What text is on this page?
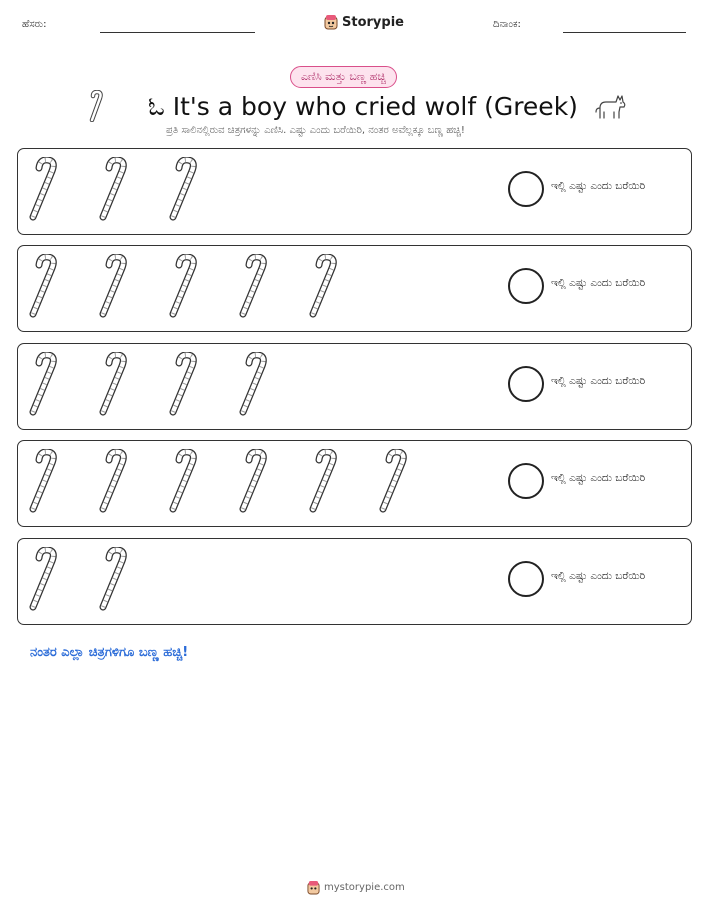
ಹೆಸರು:	Storypie	ದಿನಾಂಕ:
ಎಣಿಸಿ ಮತ್ತು ಬಣ್ಣ ಹಚ್ಚಿ
ಓ It's a boy who cried wolf (Greek)
ಪ್ರತಿ ಸಾಲಿನಲ್ಲಿರುವ ಚಿತ್ರಗಳನ್ನು ಎಣಿಸಿ. ಎಷ್ಟು ಎಂದು ಬರೆಯಿರಿ, ನಂತರ ಅವೆಲ್ಲಕ್ಕೂ ಬಣ್ಣ ಹಚ್ಚಿ!
ಇಲ್ಲಿ ಎಷ್ಟು ಎಂದು ಬರೆಯಿರಿ
ಇಲ್ಲಿ ಎಷ್ಟು ಎಂದು ಬರೆಯಿರಿ
ಇಲ್ಲಿ ಎಷ್ಟು ಎಂದು ಬರೆಯಿರಿ
ಇಲ್ಲಿ ಎಷ್ಟು ಎಂದು ಬರೆಯಿರಿ
ಇಲ್ಲಿ ಎಷ್ಟು ಎಂದು ಬರೆಯಿರಿ
ನಂತರ ಎಲ್ಲಾ ಚಿತ್ರಗಳಿಗೂ ಬಣ್ಣ ಹಚ್ಚಿ!
mystorypie.com
